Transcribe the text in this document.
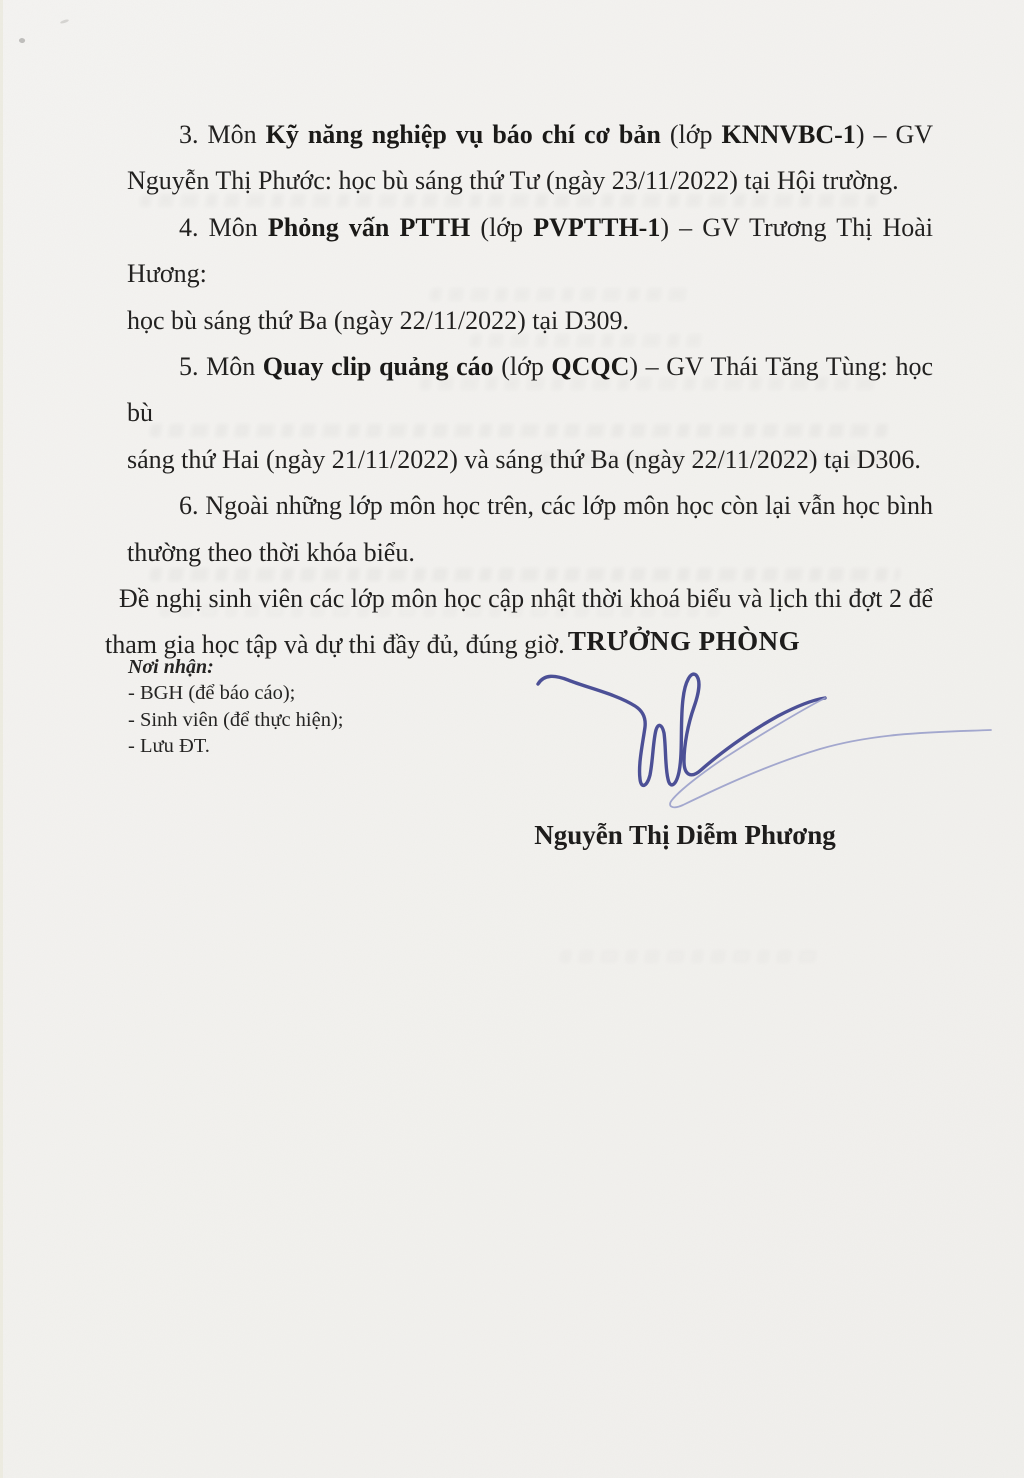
3. Môn Kỹ năng nghiệp vụ báo chí cơ bản (lớp KNNVBC-1) – GV
Nguyễn Thị Phước: học bù sáng thứ Tư (ngày 23/11/2022) tại Hội trường.
4. Môn Phỏng vấn PTTH (lớp PVPTTH-1) – GV Trương Thị Hoài Hương:
học bù sáng thứ Ba (ngày 22/11/2022) tại D309.
5. Môn Quay clip quảng cáo (lớp QCQC) – GV Thái Tăng Tùng: học bù
sáng thứ Hai (ngày 21/11/2022) và sáng thứ Ba (ngày 22/11/2022) tại D306.
6. Ngoài những lớp môn học trên, các lớp môn học còn lại vẫn học bình
thường theo thời khóa biểu.
Đề nghị sinh viên các lớp môn học cập nhật thời khoá biểu và lịch thi đợt 2 để
tham gia học tập và dự thi đầy đủ, đúng giờ. TRƯỞNG PHÒNG
Nguyễn Thị Diễm Phương
Nơi nhận:
- BGH (để báo cáo);
- Sinh viên (để thực hiện);
- Lưu ĐT.
